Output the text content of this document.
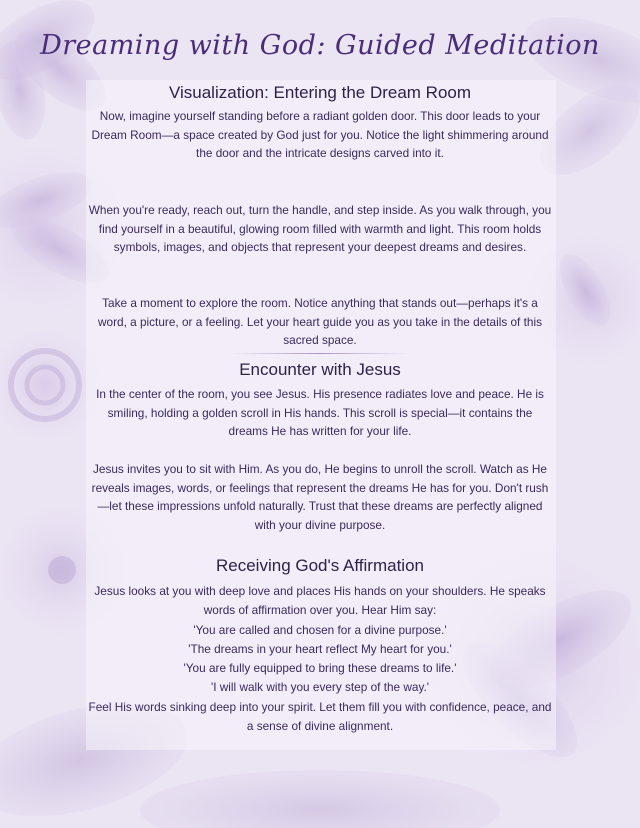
Dreaming with God: Guided Meditation
Visualization: Entering the Dream Room
Now, imagine yourself standing before a radiant golden door. This door leads to your Dream Room—a space created by God just for you. Notice the light shimmering around the door and the intricate designs carved into it.
When you're ready, reach out, turn the handle, and step inside. As you walk through, you find yourself in a beautiful, glowing room filled with warmth and light. This room holds symbols, images, and objects that represent your deepest dreams and desires.
Take a moment to explore the room. Notice anything that stands out—perhaps it's a word, a picture, or a feeling. Let your heart guide you as you take in the details of this sacred space.
Encounter with Jesus
In the center of the room, you see Jesus. His presence radiates love and peace. He is smiling, holding a golden scroll in His hands. This scroll is special—it contains the dreams He has written for your life.
Jesus invites you to sit with Him. As you do, He begins to unroll the scroll. Watch as He reveals images, words, or feelings that represent the dreams He has for you. Don't rush—let these impressions unfold naturally. Trust that these dreams are perfectly aligned with your divine purpose.
Receiving God's Affirmation
Jesus looks at you with deep love and places His hands on your shoulders. He speaks words of affirmation over you. Hear Him say:
'You are called and chosen for a divine purpose.'
'The dreams in your heart reflect My heart for you.'
'You are fully equipped to bring these dreams to life.'
'I will walk with you every step of the way.'
Feel His words sinking deep into your spirit. Let them fill you with confidence, peace, and a sense of divine alignment.
